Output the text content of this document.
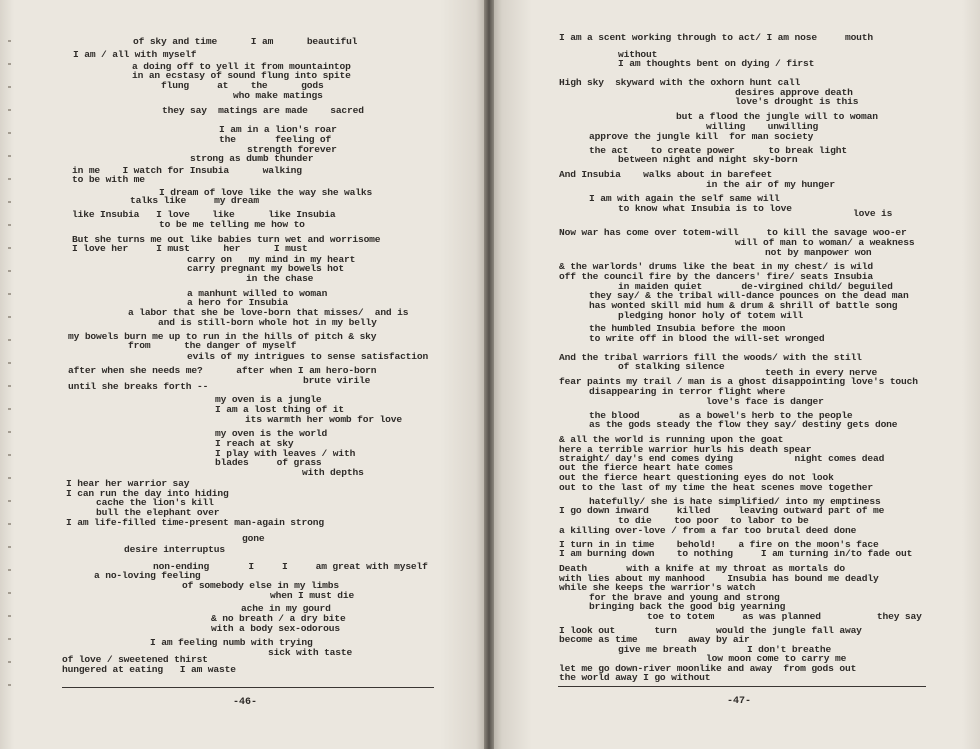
-46-	-47-

of sky and time      I am      beautiful

I am / all with myself

a doing off to yell it from mountaintop

in an ecstasy of sound flung into spite

flung     at    the      gods

who make matings

they say  matings are made    sacred

I am in a lion's roar

the       feeling of

strength forever

strong as dumb thunder

in me    I watch for Insubia      walking

to be with me

I dream of love like the way she walks

talks like     my dream

like Insubia   I love    like      like Insubia

to be me telling me how to

But she turns me out like babies turn wet and worrisome

I love her     I must      her      I must

carry on   my mind in my heart

carry pregnant my bowels hot

in the chase

a manhunt willed to woman

a hero for Insubia

a labor that she be love-born that misses/  and is

and is still-born whole hot in my belly

my bowels burn me up to run in the hills of pitch & sky

from      the danger of myself

evils of my intrigues to sense satisfaction

after when she needs me?      after when I am hero-born

brute virile

until she breaks forth --

my oven is a jungle

I am a lost thing of it

its warmth her womb for love

my oven is the world

I reach at sky

I play with leaves / with

blades     of grass

with depths

I hear her warrior say

I can run the day into hiding

cache the lion's kill

bull the elephant over

I am life-filled time-present man-again strong

gone

desire interruptus

non-ending       I     I     am great with myself

a no-loving feeling

of somebody else in my limbs

when I must die

ache in my gourd

& no breath / a dry bite

with a body sex-odorous

I am feeling numb with trying

sick with taste

of love / sweetened thirst

hungered at eating   I am waste

I am a scent working through to act/ I am nose     mouth

without

I am thoughts bent on dying / first

High sky  skyward with the oxhorn hunt call

desires approve death

love's drought is this

but a flood the jungle will to woman

willing    unwilling

approve the jungle kill  for man society

the act    to create power      to break light

between night and night sky-born

And Insubia    walks about in barefeet

in the air of my hunger

I am with again the self same will

to know what Insubia is to love	love is

Now war has come over totem-will     to kill the savage woo-er

will of man to woman/ a weakness

not by manpower won

& the warlords' drums like the beat in my chest/ is wild

off the council fire by the dancers' fire/ seats Insubia

in maiden quiet       de-virgined child/ beguiled

they say/ & the tribal will-dance pounces on the dead man

has wonted skill mid hum & drum & shrill of battle song

pledging honor holy of totem will

the humbled Insubia before the moon

to write off in blood the will-set wronged

And the tribal warriors fill the woods/ with the still

of stalking silence

teeth in every nerve

fear paints my trail / man is a ghost disappointing love's touch

disappearing in terror flight where

love's face is danger

the blood       as a bowel's herb to the people

as the gods steady the flow they say/ destiny gets done

& all the world is running upon the goat

here a terrible warrior hurls his death spear

straight/ day's end comes dying           night comes dead

out the fierce heart hate comes

out the fierce heart questioning eyes do not look

out to the last of my time the heat scenes move together

hatefully/ she is hate simplified/ into my emptiness

I go down inward     killed     leaving outward part of me

to die    too poor  to labor to be

a killing over-love / from a far too brutal deed done

I turn in in time    behold!    a fire on the moon's face

I am burning down    to nothing     I am turning in/to fade out

Death       with a knife at my throat as mortals do

with lies about my manhood    Insubia has bound me deadly

while she keeps the warrior's watch

for the brave and young and strong

bringing back the good big yearning

toe to totem     as was planned          they say

I look out       turn       would the jungle fall away

become as time         away by air

give me breath         I don't breathe

low moon come to carry me

let me go down-river moonlike and away  from gods out

the world away I go without
